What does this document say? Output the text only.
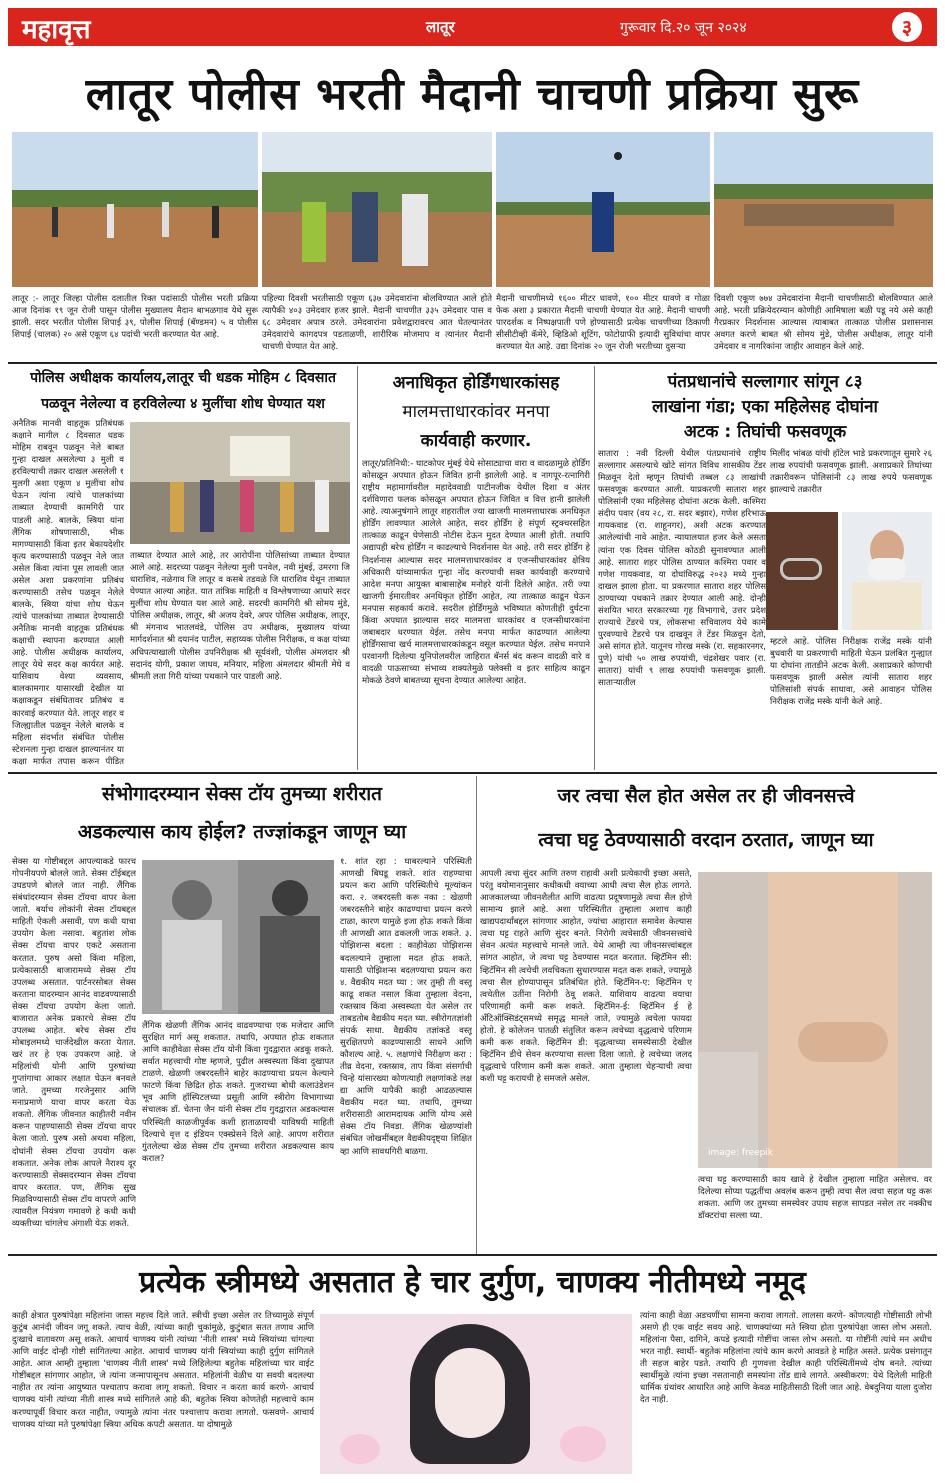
महावृत्त	लातूर	गुरूवार दि.२० जून २०२४	३
लातूर पोलीस भरती मैदानी चाचणी प्रक्रिया सुरू
लातूर :- लातूर जिल्हा पोलीस दलातील रिक्त पदांसाठी पोलीस भरती प्रक्रिया आज दिनांक १९ जून रोजी पासून पोलीस मुख्यालय मैदान बाभळगाव येथे सुरू झाली. सदर भरतीत पोलीस शिपाई ३९, पोलीस शिपाई (बॅण्डमन) ५ व पोलीस शिपाई (चालक) २० असे एकूण ६४ पदांची भरती करण्यात येत आहे.
पहिल्या दिवशी भरतीसाठी एकूण ६३७ उमेदवारांना बोलविण्यात आले होते त्यापैकी ४०३ उमेदवार हजर झाले. मैदानी चाचणीत ३३५ उमेदवार पास व ६८ उमेदवार अपात्र ठरले. उमेदवारांना प्रवेशद्वारावरच आत घेतल्यानंतर उमेदवारांचे कागदपत्र पडताळणी, शारीरिक मोजमाप व त्यानंतर मैदानी चाचणी घेण्यात येत आहे.
मैदानी चाचणीमध्ये १६०० मीटर धावणे, १०० मीटर धावणे व गोळा फेक अशा ३ प्रकारात मैदानी चाचणी घेण्यात येत आहे. मैदानी चाचणी पारदर्शक व निष्पक्षपाती पणे होण्यासाठी प्रत्येक चाचणीच्या ठिकाणी सीसीटीव्ही कॅमेरे, व्हिडिओ शूटिंग, फोटोग्राफी इत्यादी सुविधांचा वापर करण्यात येत आहे. उद्या दिनांक २० जून रोजी भरतीच्या दुसऱ्या
दिवशी एकूण ७७४ उमेदवारांना मैदानी चाचणीसाठी बोलविण्यात आले आहे. भरती प्रक्रियेदरम्यान कोणीही आमिषाला बळी पडू नये असे काही गैरप्रकार निदर्शनास आल्यास त्याबाबत तात्काळ पोलीस प्रशासनास अवगत करणे बाबत श्री सोमय मुंडे, पोलीस अधीक्षक, लातूर यांनी उमेदवार व नागरिकांना जाहीर आवाहन केले आहे.
पोलिस अधीक्षक कार्यालय,लातूर ची धडक मोहिम ८ दिवसात
पळवून नेलेल्या व हरविलेल्या ४ मुलींचा शोध घेण्यात यश
अनैतिक मानवी वाहतूक प्रतिबंधक कक्षाने मागील ८ दिवसात धडक मोहिम राबवून पळवून नेले बाबत गुन्हा दाखल असलेल्या ३ मुली व हरविल्याची तक्रार दाखल असलेली १ मुलगी अशा एकूण ४ मुलींचा शोध घेऊन त्यांना त्यांचे पालकांच्या ताब्यात देण्याची कामगिरी पार पाडली आहे. बालके, स्त्रिया यांना लैंगिक शोषणासाठी, भीक मागण्यासाठी किंवा इतर बेकायदेशीर कृत्य करण्यासाठी पळवून नेले जात असेल किंवा त्यांना पूस लावली जात असेल अशा प्रकरणांना प्रतिबंध करण्यासाठी तसेच पळवून नेलेले बालके, स्त्रिया यांचा शोध घेऊन त्यांचे पालकांच्या ताब्यात देण्यासाठी अनैतिक मानवी वाहतूक प्रतिबंधक कक्षाची स्थापना करण्यात आली आहे. पोलीस अधीक्षक कार्यालय, लातूर येथे सदर कक्ष कार्यरत आहे. यासिवाय वेश्या व्यवसाय, बालकामगार यासारखी देखील या कक्षाकडून संबंधितावर प्रतिबंध व कारवाई करण्यात येते. लातूर शहर व जिल्ह्यातील पळवून नेलेले बालके व महिला संदर्भात संबंधित पोलीस स्टेशनला गुन्हा दाखल झाल्यानंतर या कक्षा मार्फत तपास करून पीडित
ताब्यात देण्यात आले आहे, तर आरोपींना पोलिसांच्या ताब्यात देण्यात आले आहे. सदरच्या पळवून नेलेल्या मुली पनवेल, नवी मुंबई, उमरगा जि धाराशिव, नळेगाव जि लातूर व कसबे तडवळे जि धाराशिव येथून ताब्यात घेण्यात आल्या आहेत. यात तांत्रिक माहिती व विश्लेषणाच्या आधारे सदर मुलींचा शोध घेण्यात यश आले आहे. सदरची कामगिरी श्री सोमय मुंडे, पोलिस अधीक्षक, लातूर, श्री अजय देवरे, अपर पोलिस अधीक्षक, लातूर, श्री मंगनाथ भातलवंडे, पोलिस उप अधीक्षक, मुख्यालय यांच्या मार्गदर्शनात श्री दयानंद पाटील, सहाय्यक पोलीस निरीक्षक, व कक्ष यांच्या अधिपत्याखाली पोलीस उपनिरीक्षक श्री सूर्यवंशी, पोलीस अंमलदार श्री सदानंद योगी, प्रकाश जाधव, मनियार, महिला अंमलदार श्रीमती मेघे व श्रीमती लता गिरी यांच्या पथकाने पार पाडली आहे.
अनाधिकृत होर्डिंगधारकांसह
मालमत्ताधारकांवर मनपा
कार्यवाही करणार.
लातूर/प्रतिनिधी:- घाटकोपर मुंबई येथे सोसाट्याचा वारा व वादळामुळे होर्डिंग कोसळून अपघात होऊन जिवित हानी झालेली आहे. व नागपूर-रत्नागिरी राष्ट्रीय महामार्गावरील महादेववाडी पाटीनजीक येथील दिशा व अंतर दर्शविणारा फलक कोसळून अपघात होऊन जिवित व वित्त हानी झालेली आहे. त्याअनुषंगाने लातूर शहरातील ज्या खाजगी मालमत्ताधारक अनधिकृत होर्डिंग लावण्यात आलेले आहेत, सदर होर्डिंग हे संपूर्ण स्ट्रक्चरसहित तात्काळ काढून घेणेसाठी नोटीस देऊन मुदत देण्यात आली होती. तथापि अद्यापही बरेच होर्डिंग न काढल्याचे निदर्शनास येत आहे. तरी सदर होर्डिंग हे निदर्शनास आल्यास सदर मालमत्ताधारकांवर व एजन्सीधारकांवर क्षेत्रिय अधिकारी यांच्यामार्फत गुन्हा नोंद करण्याची सक्त कार्यवाही करण्याचे आदेश मनपा आयुक्त बाबासाहेब मनोहरे यांनी दिलेले आहेत. तरी ज्या खाजगी ईमारतीवर अनधिकृत होर्डिंग आहेत, त्या तात्काळ काढून घेऊन मनपास सहकार्य करावे. सदरील होर्डिंगमुळे भविष्यात कोणतीही दुर्घटना किंवा अपघात झाल्यास सदर मालमत्ता धारकांवर व एजन्सीधारकांना जबाबदार धरण्यात येईल. तसेच मनपा मार्फत काढण्यात आलेल्या होर्डिंगसाचा खर्च मालमत्ताधारकांकडून वसूल करण्यात येईल. तसेच मनपाने परवानगी दिलेल्या युनिपोलवरील जाहिरात बॅनर्स बंद करून वादळी वारे व वादळी पाऊसाच्या संभाव्य शक्यतेमुळे फ्लेक्सी व इतर साहित्य काढून मोकळे ठेवणे बाबतच्या सूचना देण्यात आलेल्या आहेत.
पंतप्रधानांचे सल्लागार सांगून ८३
लाखांना गंडा; एका महिलेसह दोघांना
अटक : तिघांची फसवणूक
सातारा : नवी दिल्ली येथील पंतप्रधानांचे राष्ट्रीय सल्लागार असल्याचे खोटे सांगत विविध शासकीय टेंडर मिळवून देतो म्हणून तिघांची तब्बल ८३ लाखांची फसवणूक करण्यात आली. याप्रकरणी सातारा शहर पोलिसांनी एका महिलेसह दोघांना अटक केली. कश्मिरा संदीप पवार (वय २८, रा. सदर बझार), गणेश हरिभाऊ गायकवाड (रा. शाहूनगर), अशी अटक करण्यात आलेल्यांची नावे आहेत. न्यायालयात हजर केले असता त्यांना एक दिवस पोलिस कोठडी सुनावण्यात आली आहे. सातारा शहर पोलिस ठाण्यात कश्मिरा पवार व गणेश गायकवाड, या दोघांविरुद्ध २०२३ मध्ये गुन्हा दाखल झाला होता. या प्रकरणात सातारा शहर पोलिस ठाण्याच्या पथकाने तक्रार देण्यात आली आहे. दोन्ही संशयित भारत सरकारच्या गृह विभागाचे, उत्तर प्रदेश राज्याचे टेंडरचे पत्र, लोकसभा सचिवालय येथे कामे पुरवण्याचे टेंडरचे पत्र दाखवून ते टेंडर मिळवून देतो, असे सांगत होते. यातूनच गोरख मस्के (रा. सहकारनगर, पुणे) यांची ५० लाख रुपयांची, चंद्रशेखर पवार (रा. सातारा) यांची ९ लाख रुपयांची फसवणूक झाली. सातार्‍यातील
मिलींद भांबळ यांची हॉटेल भाडे प्रकरणातून सुमारे २६ लाख रुपयांची फसवणूक झाली. अशाप्रकारे तिघांच्या तक्रारीवरून पोलिसांनी ८३ लाख रुपये फसवणूक झाल्याचे तक्रारीत
म्हटले आहे. पोलिस निरीक्षक राजेंद्र मस्के यांनी बुधवारी या प्रकरणाची माहिती घेऊन प्रलंबित गुन्ह्यात या दोघांना तातडीने अटक केली. अशाप्रकारे कोणाची फसवणूक झाली असेल त्यांनी सातारा शहर पोलिसांशी संपर्क साधावा, असे आवाहन पोलिस निरीक्षक राजेंद्र मस्के यांनी केले आहे.
संभोगादरम्यान सेक्स टॉय तुमच्या शरीरात
अडकल्यास काय होईल? तज्ज्ञांकडून जाणून घ्या
सेक्स या गोष्टीबद्दल आपल्याकडे फारच गोपनीयपणे बोलले जाते. सेक्स टॉईबद्दल उघडपणे बोलले जात नाही. लैंगिक संबंधांदरम्यान सेक्स टॉयचा वापर केला जातो. बर्याच लोकांनी सेक्स टॉयबद्दल माहिती ऐकली असावी, पण कधी याचा उपयोग केला नसावा. बहुतांश लोक सेक्स टॉयचा वापर एकटे असताना करतात. पुरुष असो किंवा महिला, प्रत्येकासाठी बाजारामध्ये सेक्स टॉय उपलब्ध असतात. पार्टनरसोबत सेक्स करताना यादरम्यान आनंद वाढवण्यासाठी सेक्स टॉयचा उपयोग केला जातो. बाजारात अनेक प्रकारचे सेक्स टॉय उपलब्ध आहेत. बरेच सेक्स टॉय मोबाइलमध्ये चार्जदेखील करता येतात. खरं तर हे एक उपकरण आहे. जे महिलांची योनी आणि पुरुषांच्या गुप्तांगाचा आकार लक्षात घेऊन बनवले जाते. तुमच्या गरजेनुसार आणि मनाप्रमाणे याचा वापर करता येऊ शकतो. लैंगिक जीवनात काहीतरी नवीन करून पाहण्यासाठी सेक्स टॉयचा वापर केला जातो. पुरुष असो अथवा महिला, दोघांनी सेक्स टॉयचा उपयोग करू शकतात. अनेक लोक आपले नैराश्य दूर करण्यासाठी सेक्सदरम्यान सेक्स टॉयचा वापर करतात. पण, लैंगिक सुख मिळविण्यासाठी सेक्स टॉय वापरणे आणि त्यावरील नियंत्रण गमावणे हे कधी कधी व्यक्तीच्या चांगलेच अंगाशी येऊ शकते.
लैंगिक खेळणी लैंगिक आनंद वाढवण्याचा एक मजेदार आणि सुरक्षित मार्ग असू शकतात. तथापि, अपघात होऊ शकतात आणि काहीवेळा सेक्स टॉय योनी किंवा गुदद्वारात अडकू शकते. सर्वात महत्त्वाची गोष्ट म्हणजे, पुढील अस्वस्थता किंवा दुखापत टाळणे. खेळणी जबरदस्तीने बाहेर काढण्याचा प्रयत्न केल्याने फाटणे किंवा छिद्रित होऊ शकते. गुजराच्या बोधी कलाउंडेशन भूव आणि हॉस्पिटलच्या प्रसूती आणि स्त्रीरोग विभागाच्या संचालक डॉ. चेतना जैन यांनी सेक्स टॉय गुदद्वारात अडकल्यास परिस्थिती काळजीपूर्वक कशी हाताळायची याविषयी माहिती दिल्याचे वृत्त द इंडियन एक्स्प्रेसने दिले आहे. आपण शरीरात गुंतलेल्या खेळ सेक्स टॉय तुमच्या शरीरात अडकल्यास काय कराल?
१. शांत रहा : घाबरल्याने परिस्थिती आणखी बिघडू शकते. शांत राहण्याचा प्रयत्न करा आणि परिस्थितीचे मूल्यांकन करा. २. जबरदस्ती करू नका : खेळणी जबरदस्तीने बाहेर काढण्याचा प्रयत्न करणे टाळा, कारण यामुळे इजा होऊ शकते किंवा ती आणखी आत ढकलली जाऊ शकते. ३. पोझिशन्स बदला : काहीवेळा पोझिशन्स बदलल्याने तुम्हाला मदत होऊ शकते. यासाठी पोझिशन्स बदलण्याचा प्रयत्न करा ४. वैद्यकीय मदत घ्या : जर तुम्ही ती वस्तू काढू शकत नसाल किंवा तुम्हाला वेदना, रक्तस्राव किंवा अस्वस्थता येत असेल तर ताबडतोब वैद्यकीय मदत घ्या. स्त्रीरोगतज्ञांशी संपर्क साधा. वैद्यकीय तज्ञांकडे वस्तू सुरक्षितपणे काढण्यासाठी साधने आणि कौशल्य आहे. ५. लक्षणांचे निरीक्षण करा : तीव्र वेदना, रक्तस्राव, ताप किंवा संसर्गाची चिन्हे यांसारख्या कोणत्याही लक्षणांकडे लक्ष द्या आणि यापैकी काही आढळल्यास वैद्यकीय मदत घ्या. तथापि, तुमच्या शरीरासाठी आरामदायक आणि योग्य असे सेक्स टॉय निवडा. लैंगिक खेळण्यांशी संबंधित जोखमींबद्दल वैद्यकीयदृष्ट्या शिक्षित व्हा आणि सावधगिरी बाळगा.
जर त्वचा सैल होत असेल तर ही जीवनसत्त्वे
त्वचा घट्ट ठेवण्यासाठी वरदान ठरतात, जाणून घ्या
आपली त्वचा सुंदर आणि तरुण राहावी अशी प्रत्येकाची इच्छा असते, परंतु वयोमानानुसार कधीकधी वयाच्या आधी त्वचा सैल होऊ लागते. आजकालच्या जीवनशैलीत आणि वाढत्या प्रदूषणामुळे त्वचा सैल होणे सामान्य झाले आहे. अशा परिस्थितीत तुम्हाला अशाच काही खाद्यपदार्थांबद्दल सांगणार आहोत, ज्यांचा आहारात समावेश केल्यास त्वचा घट्ट राहते आणि सुंदर बनते. निरोगी त्वचेसाठी जीवनसत्त्वांचे सेवन अत्यंत महत्त्वाचे मानले जाते. येथे आम्ही त्या जीवनसत्त्वांबद्दल सांगत आहोत, जे त्वचा घट्ट ठेवण्यास मदत करतात. व्हिटॅमिन सी: व्हिटॅमिन सी त्वचेची लवचिकता सुधारण्यास मदत करू शकते, ज्यामुळे त्वचा सैल होण्यापासून प्रतिबंधित होते. व्हिटॅमिन-ए: व्हिटॅमिन ए त्वचेतील उतींना निरोगी ठेवू शकते. याशिवाय वाढत्या वयाचा परिणामही कमी करू शकते. व्हिटॅमिन-ई: व्हिटॅमिन ई हे अँटिऑक्सिडंट्समध्ये समृद्ध मानले जाते, ज्यामुळे त्वचेला फायदा होतो. हे कोलेजन पातळी संतुलित करून त्वचेच्या वृद्धत्वाचे परिणाम कमी करू शकते. व्हिटॅमिन डी: वृद्धत्वाच्या समस्येसाठी देखील व्हिटॅमिन डीचे सेवन करण्याचा सल्ला दिला जातो. हे त्वचेच्या जलद वृद्धत्वाचे परिणाम कमी करू शकते. आता तुम्हाला चेहऱ्याची त्वचा कशी घट्ट करायची हे समजले असेल.
image: freepik
त्वचा घट्ट करण्यासाठी काय खावे हे देखील तुम्हाला माहित असेलच. वर दिलेल्या सोप्या पद्धतींचा अवलंब करून तुम्ही त्वचा सैल त्वचा सहज घट्ट करू शकता. आणि जर तुमच्या समस्येवर उपाय सहज सापडत नसेल तर नक्कीच डॉक्टरांचा सल्ला घ्या.
प्रत्येक स्त्रीमध्ये असतात हे चार दुर्गुण, चाणक्य नीतीमध्ये नमूद
काही क्षेत्रात पुरुषांपेक्षा महिलांना जास्त महत्त्व दिले जाते. स्त्रीची इच्छा असेल तर तिच्यामुळे संपूर्ण कुटुंब आनंदी जीवन जगू शकते. त्याच वेळी, त्यांच्या काही चुकांमुळे, कुटुंबात सतत तणाव आणि दुःखाचे वातावरण असू शकते. आचार्य चाणक्य यांनी त्यांच्या 'नीती शास्त्र' मध्ये स्त्रियांच्या चांगल्या आणि वाईट दोन्ही गोष्टी सांगितल्या आहेत. आचार्य चाणक्य यांनी स्त्रियांच्या काही दुर्गुण सांगितले आहेत. आज आम्ही तुम्हाला 'चाणक्य नीती शास्त्र' मध्ये लिहिलेल्या बहुतेक महिलांच्या चार वाईट गोष्टींबद्दल सांगणार आहोत, जे त्यांना जन्मापासूनच असतात. महिलांनी वेळीच या सवयी बदलल्या नाहीत तर त्यांना आयुष्यात पश्चाताप करावा लागू शकतो. विचार न करता कार्य करणे- आचार्य चाणक्य यांनी त्यांच्या नीती शास्त्र मध्ये सांगितले आहे की, बहुतेक स्त्रिया कोणतेही महत्त्वाचे काम करण्यापूर्वी विचार करत नाहीत, ज्यामुळे त्यांना नंतर पश्चात्ताप करावा लागतो. फसवणे- आचार्य चाणक्य यांच्या मते पुरुषांपेक्षा स्त्रिया अधिक कपटी असतात. या दोषामुळे
त्यांना काही वेळा अडचणींचा सामना करावा लागतो. लालसा करणे- कोणत्याही गोष्टीसाठी लोभी असणे ही एक वाईट सवय आहे. चाणक्यांच्या मते स्त्रिया होता पुरुषांपेक्षा जास्त लोभ असतो. महिलांना पैसा, दागिने, कपडे इत्यादी गोष्टींचा जास्त लोभ असतो. या गोष्टींनी त्यांचे मन अधीच भरत नाही. स्वार्थी- बहुतेक महिलांना त्यांचे काम करणे आवडते हे माहित असते. प्रत्येक प्रसंगातून ती सहज बाहेर पडते. तथापि ही गुणवत्ता देखील काही परिस्थितींमध्ये दोष बनते. त्यांच्या स्वार्थीमुळे त्यांना इच्छा नसतानाही समस्यांना तोंड द्यावे लागते. अस्वीकरण: येथे दिलेली माहिती धार्मिक ग्रंथांवर आधारित आहे आणि केवळ माहितीसाठी दिली जात आहे. वेबदुनिया याला दुजोरा देत नाही.
